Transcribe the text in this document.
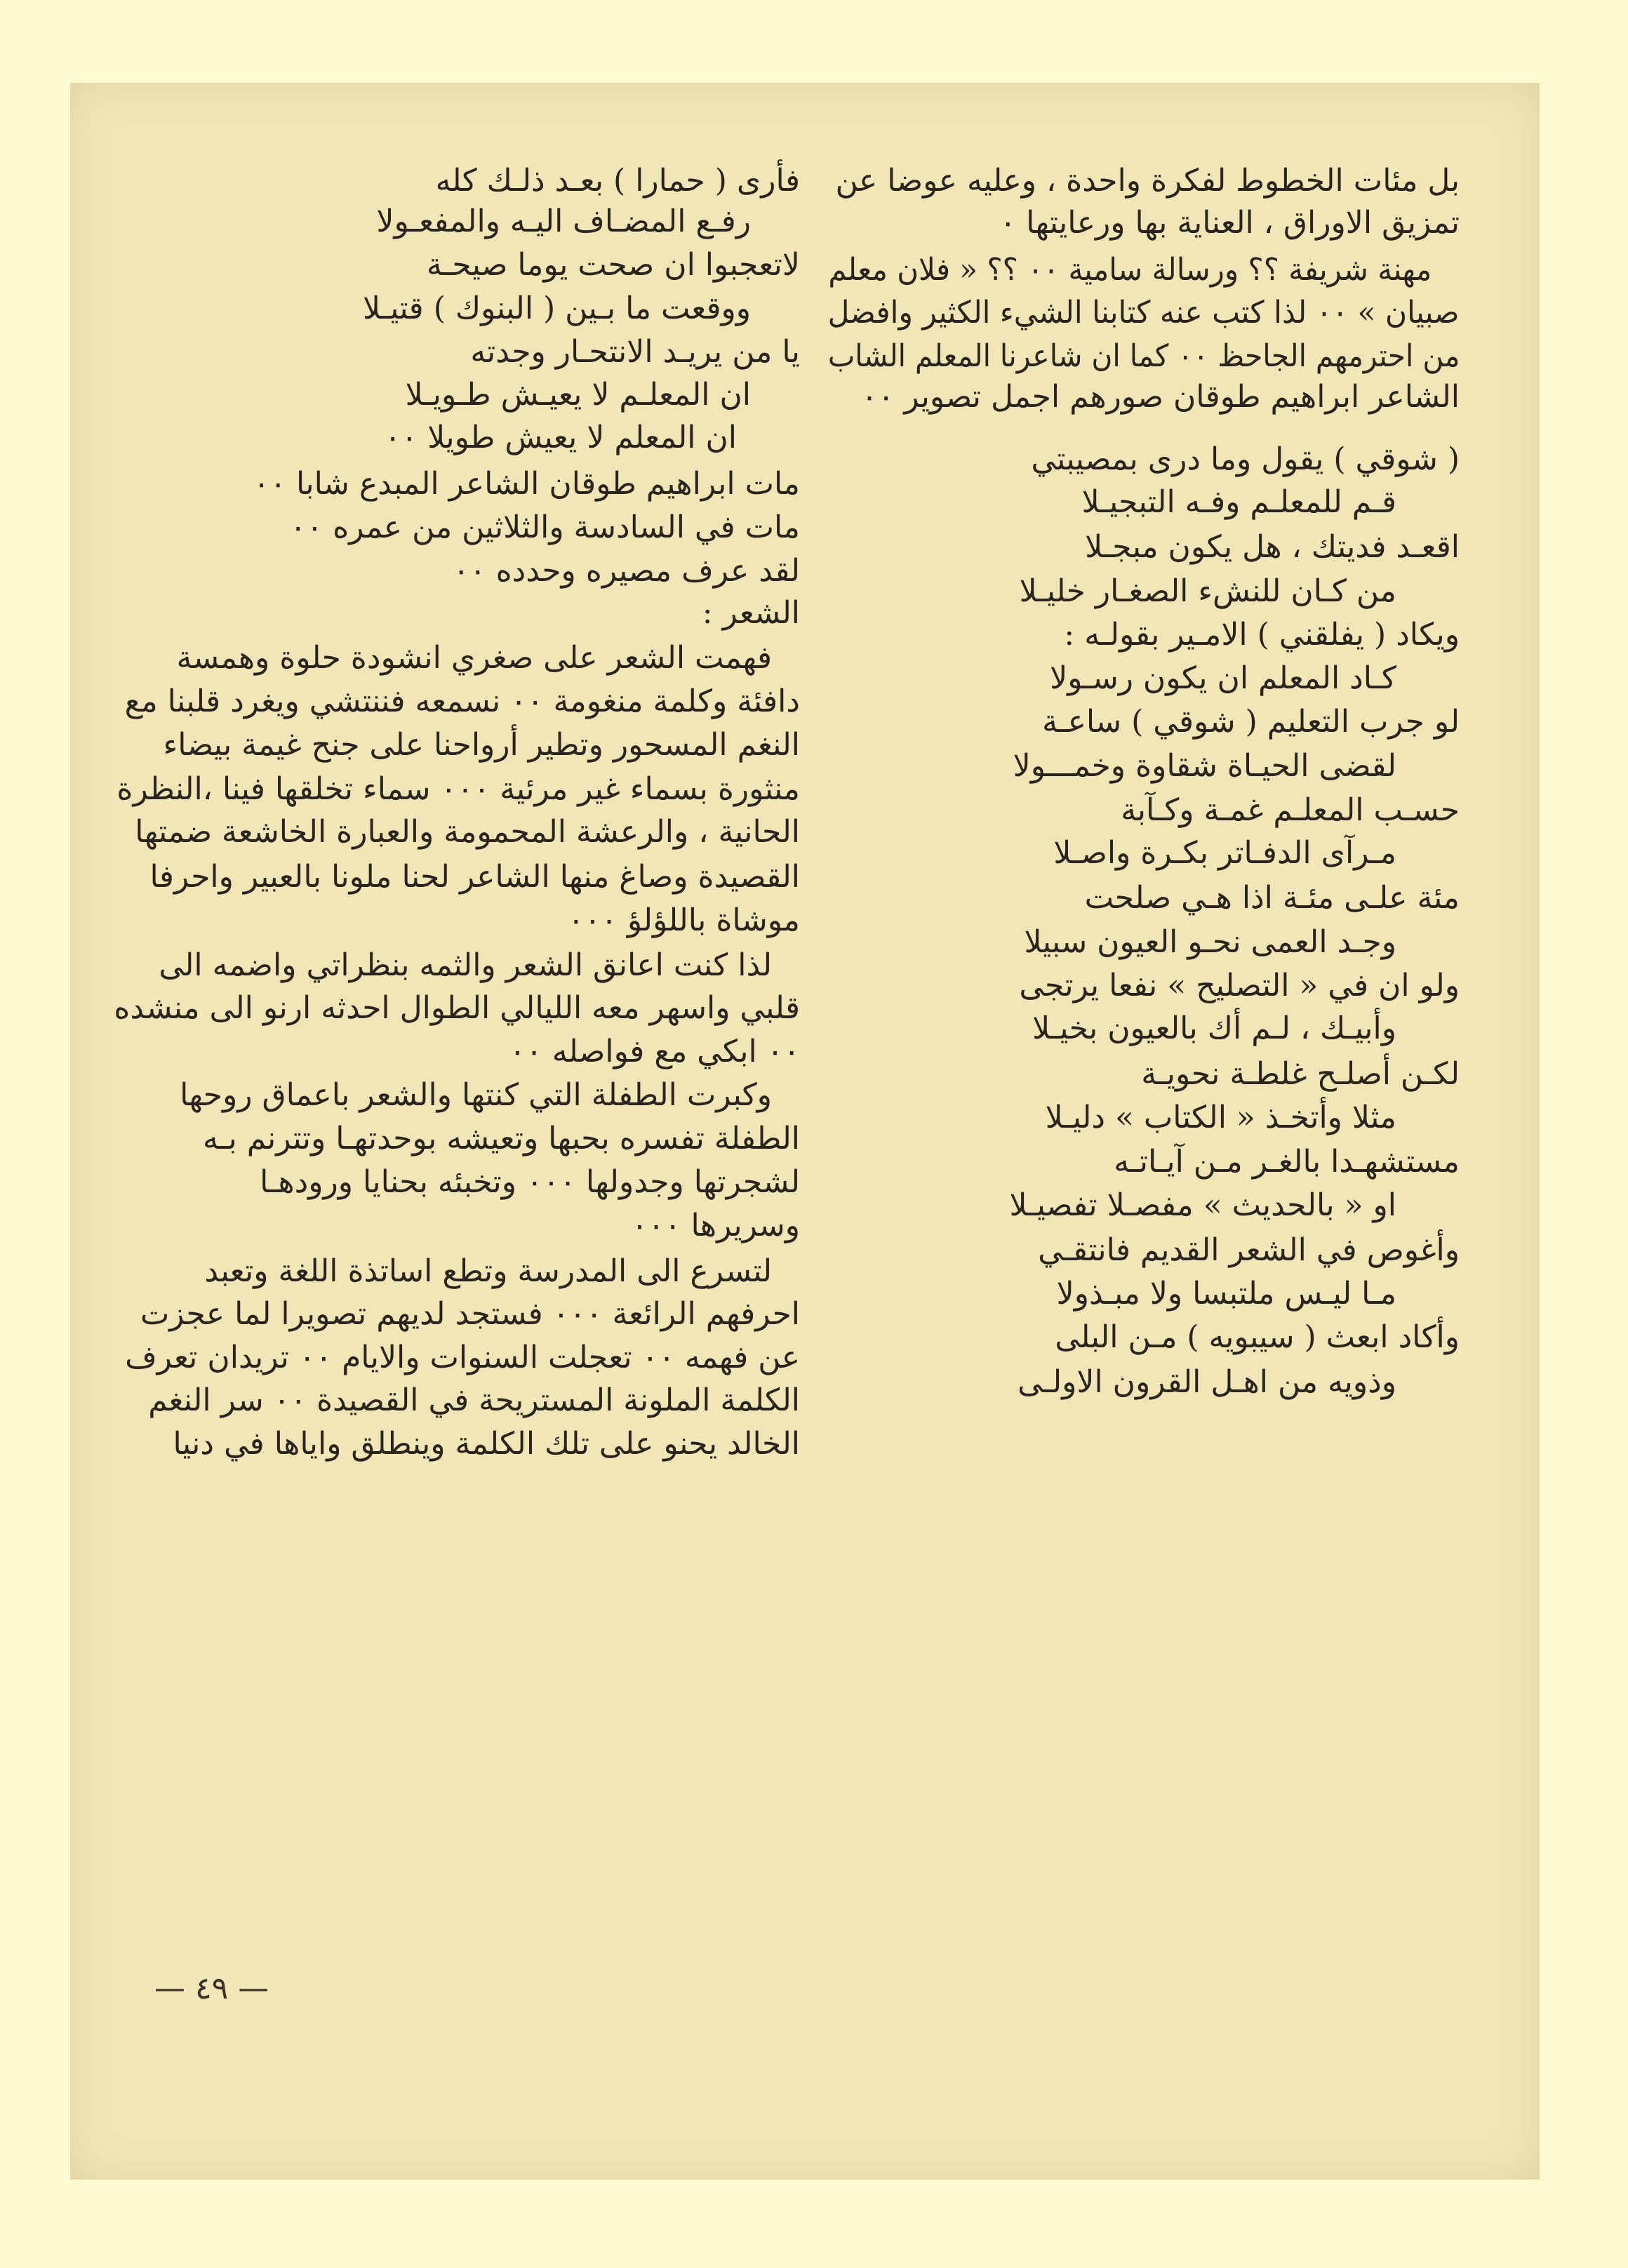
بل مئات الخطوط لفكرة واحدة ، وعليه عوضا عن
تمزيق الاوراق ، العناية بها ورعايتها ٠
مهنة شريفة ؟؟ ورسالة سامية ٠٠ ؟؟ « فلان معلم
صبيان » ٠٠ لذا كتب عنه كتابنا الشيء الكثير وافضل
من احترمهم الجاحظ ٠٠ كما ان شاعرنا المعلم الشاب
الشاعر ابراهيم طوقان صورهم اجمل تصوير ٠٠
( شوقي ) يقول وما درى بمصيبتي
قـم للمعلـم وفـه التبجيـلا
اقعـد فديتك ، هل يكون مبجـلا
من كـان للنشء الصغـار خليـلا
ويكاد ( يفلقني ) الامـير بقولـه :
كـاد المعلم ان يكون رسـولا
لو جرب التعليم ( شوقي ) ساعـة
لقضى الحيـاة شقاوة وخمـــولا
حسـب المعلـم غمـة وكـآبة
مـرآى الدفـاتر بكـرة واصـلا
مئة علـى مئـة اذا هـي صلحت
وجـد العمى نحـو العيون سبيلا
ولو ان في « التصليح » نفعا يرتجى
وأبيـك ، لـم أك بالعيون بخيـلا
لكـن أصلـح غلطـة نحويـة
مثلا وأتخـذ « الكتاب » دليـلا
مستشهـدا بالغـر مـن آيـاتـه
او « بالحديث » مفصـلا تفصيـلا
وأغوص في الشعر القديم فانتقـي
مـا ليـس ملتبسا ولا مبـذولا
وأكاد ابعث ( سيبويه ) مـن البلى
وذويه من اهـل القرون الاولـى
فأرى ( حمارا ) بعـد ذلـك كله
رفـع المضـاف اليـه والمفعـولا
لاتعجبوا ان صحت يوما صيحـة
ووقعت ما بـين ( البنوك ) قتيـلا
يا من يريـد الانتحـار وجدته
ان المعلـم لا يعيـش طـويـلا
ان المعلم لا يعيش طويلا ٠٠
مات ابراهيم طوقان الشاعر المبدع شابا ٠٠
مات في السادسة والثلاثين من عمره ٠٠
لقد عرف مصيره وحدده ٠٠
الشعر :
فهمت الشعر على صغري انشودة حلوة وهمسة
دافئة وكلمة منغومة ٠٠ نسمعه فننتشي ويغرد قلبنا مع
النغم المسحور وتطير أرواحنا على جنح غيمة بيضاء
منثورة بسماء غير مرئية ٠٠٠ سماء تخلقها فينا ،النظرة
الحانية ، والرعشة المحمومة والعبارة الخاشعة ضمتها
القصيدة وصاغ منها الشاعر لحنا ملونا بالعبير واحرفا
موشاة باللؤلؤ ٠٠٠
لذا كنت اعانق الشعر والثمه بنظراتي واضمه الى
قلبي واسهر معه الليالي الطوال احدثه ارنو الى منشده
٠٠ ابكي مع فواصله ٠٠
وكبرت الطفلة التي كنتها والشعر باعماق روحها
الطفلة تفسره بحبها وتعيشه بوحدتهـا وتترنم بـه
لشجرتها وجدولها ٠٠٠ وتخبئه بحنايا ورودهـا
وسريرها ٠٠٠
لتسرع الى المدرسة وتطع اساتذة اللغة وتعبد
احرفهم الرائعة ٠٠٠ فستجد لديهم تصويرا لما عجزت
عن فهمه ٠٠ تعجلت السنوات والايام ٠٠ تريدان تعرف
الكلمة الملونة المستريحة في القصيدة ٠٠ سر النغم
الخالد يحنو على تلك الكلمة وينطلق واياها في دنيا
— ٤٩ —
